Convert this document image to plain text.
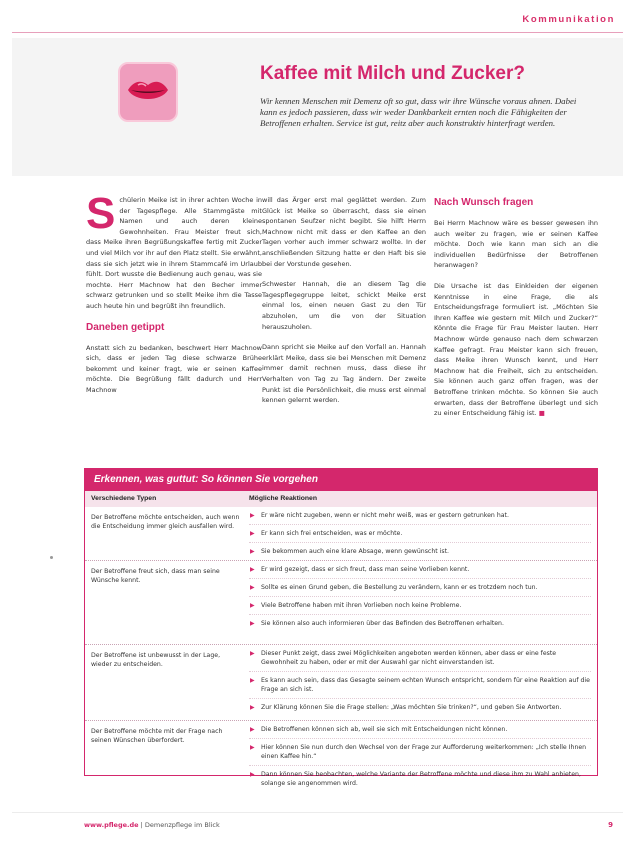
Kommunikation
Kaffee mit Milch und Zucker?
Wir kennen Menschen mit Demenz oft so gut, dass wir ihre Wünsche voraus ahnen. Dabei kann es jedoch passieren, dass wir weder Dankbarkeit ernten noch die Fähigkeiten der Betroffenen erhalten. Service ist gut, reitz aber auch konstruktiv hinterfragt werden.

Schülerin Meike ist in ihrer achten Woche in der Tagespflege. Alle Stammgäste mit Namen und auch deren kleine Gewohnheiten. Frau Meister freut sich, dass Meike ihren Begrüßungskaffee fertig mit Zucker und viel Milch vor ihr auf den Platz stellt. Sie erwähnt, dass sie sich jetzt wie in ihrem Stammcafé im Urlaub fühlt. Dort wusste die Bedienung auch genau, was sie mochte. Herr Machnow hat den Becher immer schwarz getrunken und so stellt Meike ihm die Tasse auch heute hin und begrüßt ihn freundlich.

Daneben getippt

Anstatt sich zu bedanken, beschwert Herr Machnow sich, dass er jeden Tag diese schwarze Brühe bekommt und keiner fragt, wie er seinen Kaffee möchte. Die Begrüßung fällt dadurch und Herr Machnow

will das Ärger erst mal geglättet werden. Zum Glück ist Meike so überrascht, dass sie einen spontanen Seufzer nicht begibt. Sie hilft Herrn Machnow nicht mit dass er den Kaffee an den Tagen vorher auch immer schwarz wollte. In der anschließenden Sitzung hatte er den Haft bis sie bei der Vorstunde gesehen.

Schwester Hannah, die an diesem Tag die Tagespflegegruppe leitet, schickt Meike erst einmal los, einen neuen Gast zu den Tür abzuholen, um die von der Situation herauszuholen.

Dann spricht sie Meike auf den Vorfall an. Hannah erklärt Meike, dass sie bei Menschen mit Demenz immer damit rechnen muss, dass diese ihr Verhalten von Tag zu Tag ändern. Der zweite Punkt ist die Persönlichkeit, die muss erst einmal kennen gelernt werden.

Nach Wunsch fragen

Bei Herrn Machnow wäre es besser gewesen ihn auch weiter zu fragen, wie er seinen Kaffee möchte. Doch wie kann man sich an die individuellen Bedürfnisse der Betroffenen heranwagen?

Die Ursache ist das Einkleiden der eigenen Kenntnisse in eine Frage, die als Entscheidungsfrage formuliert ist. „Möchten Sie Ihren Kaffee wie gestern mit Milch und Zucker?“ Könnte die Frage für Frau Meister lauten. Herr Machnow würde genauso nach dem schwarzen Kaffee gefragt. Frau Meister kann sich freuen, dass Meike ihren Wunsch kennt, und Herr Machnow hat die Freiheit, sich zu entscheiden. Sie können auch ganz offen fragen, was der Betroffene trinken möchte. So können Sie auch erwarten, dass der Betroffene überlegt und sich zu einer Entscheidung fähig ist. ■

Erkennen, was guttut: So können Sie vorgehen
Verschiedene Typen	Mögliche Reaktionen
Der Betroffene möchte entscheiden, auch wenn die Entscheidung immer gleich ausfallen wird.
▶ Er wäre nicht zugeben, wenn er nicht mehr weiß, was er gestern getrunken hat.
▶ Er kann sich frei entscheiden, was er möchte.
▶ Sie bekommen auch eine klare Absage, wenn gewünscht ist.
Der Betroffene freut sich, dass man seine Wünsche kennt.
▶ Er wird gezeigt, dass er sich freut, dass man seine Vorlieben kennt.
▶ Sollte es einen Grund geben, die Bestellung zu verändern, kann er es trotzdem noch tun.
▶ Viele Betroffene haben mit ihren Vorlieben noch keine Probleme.
▶ Sie können also auch informieren über das Befinden des Betroffenen erhalten.
Der Betroffene ist unbewusst in der Lage, wieder zu entscheiden.
▶ Dieser Punkt zeigt, dass zwei Möglichkeiten angeboten werden können, aber dass er eine feste Gewohnheit zu haben, oder er mit der Auswahl gar nicht einverstanden ist.
▶ Es kann auch sein, dass das Gesagte seinem echten Wunsch entspricht, sondern für eine Reaktion auf die Frage an sich ist.
▶ Zur Klärung können Sie die Frage stellen: „Was möchten Sie trinken?“, und geben Sie Antworten.
Der Betroffene möchte mit der Frage nach seinen Wünschen überfordert.
▶ Die Betroffenen können sich ab, weil sie sich mit Entscheidungen nicht können.
▶ Hier können Sie nun durch den Wechsel von der Frage zur Aufforderung weiterkommen: „Ich stelle Ihnen einen Kaffee hin.“
▶ Dann können Sie beobachten, welche Variante der Betroffene möchte und diese ihm zu Wahl anbieten, solange sie angenommen wird.
www.pflege.de | Demenzpflege im Blick	9
